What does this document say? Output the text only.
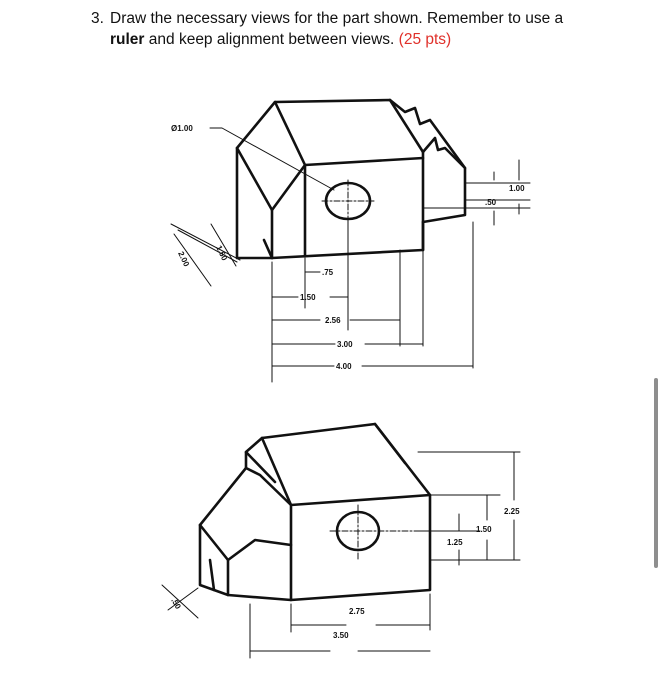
3. Draw the necessary views for the part shown. Remember to use a
ruler and keep alignment between views. (25 pts)
Ø1.00
.75
1.50
2.56
3.00
4.00
1.00
.50
1.50
2.00
2.75
3.50
2.25
1.50
1.25
.50
